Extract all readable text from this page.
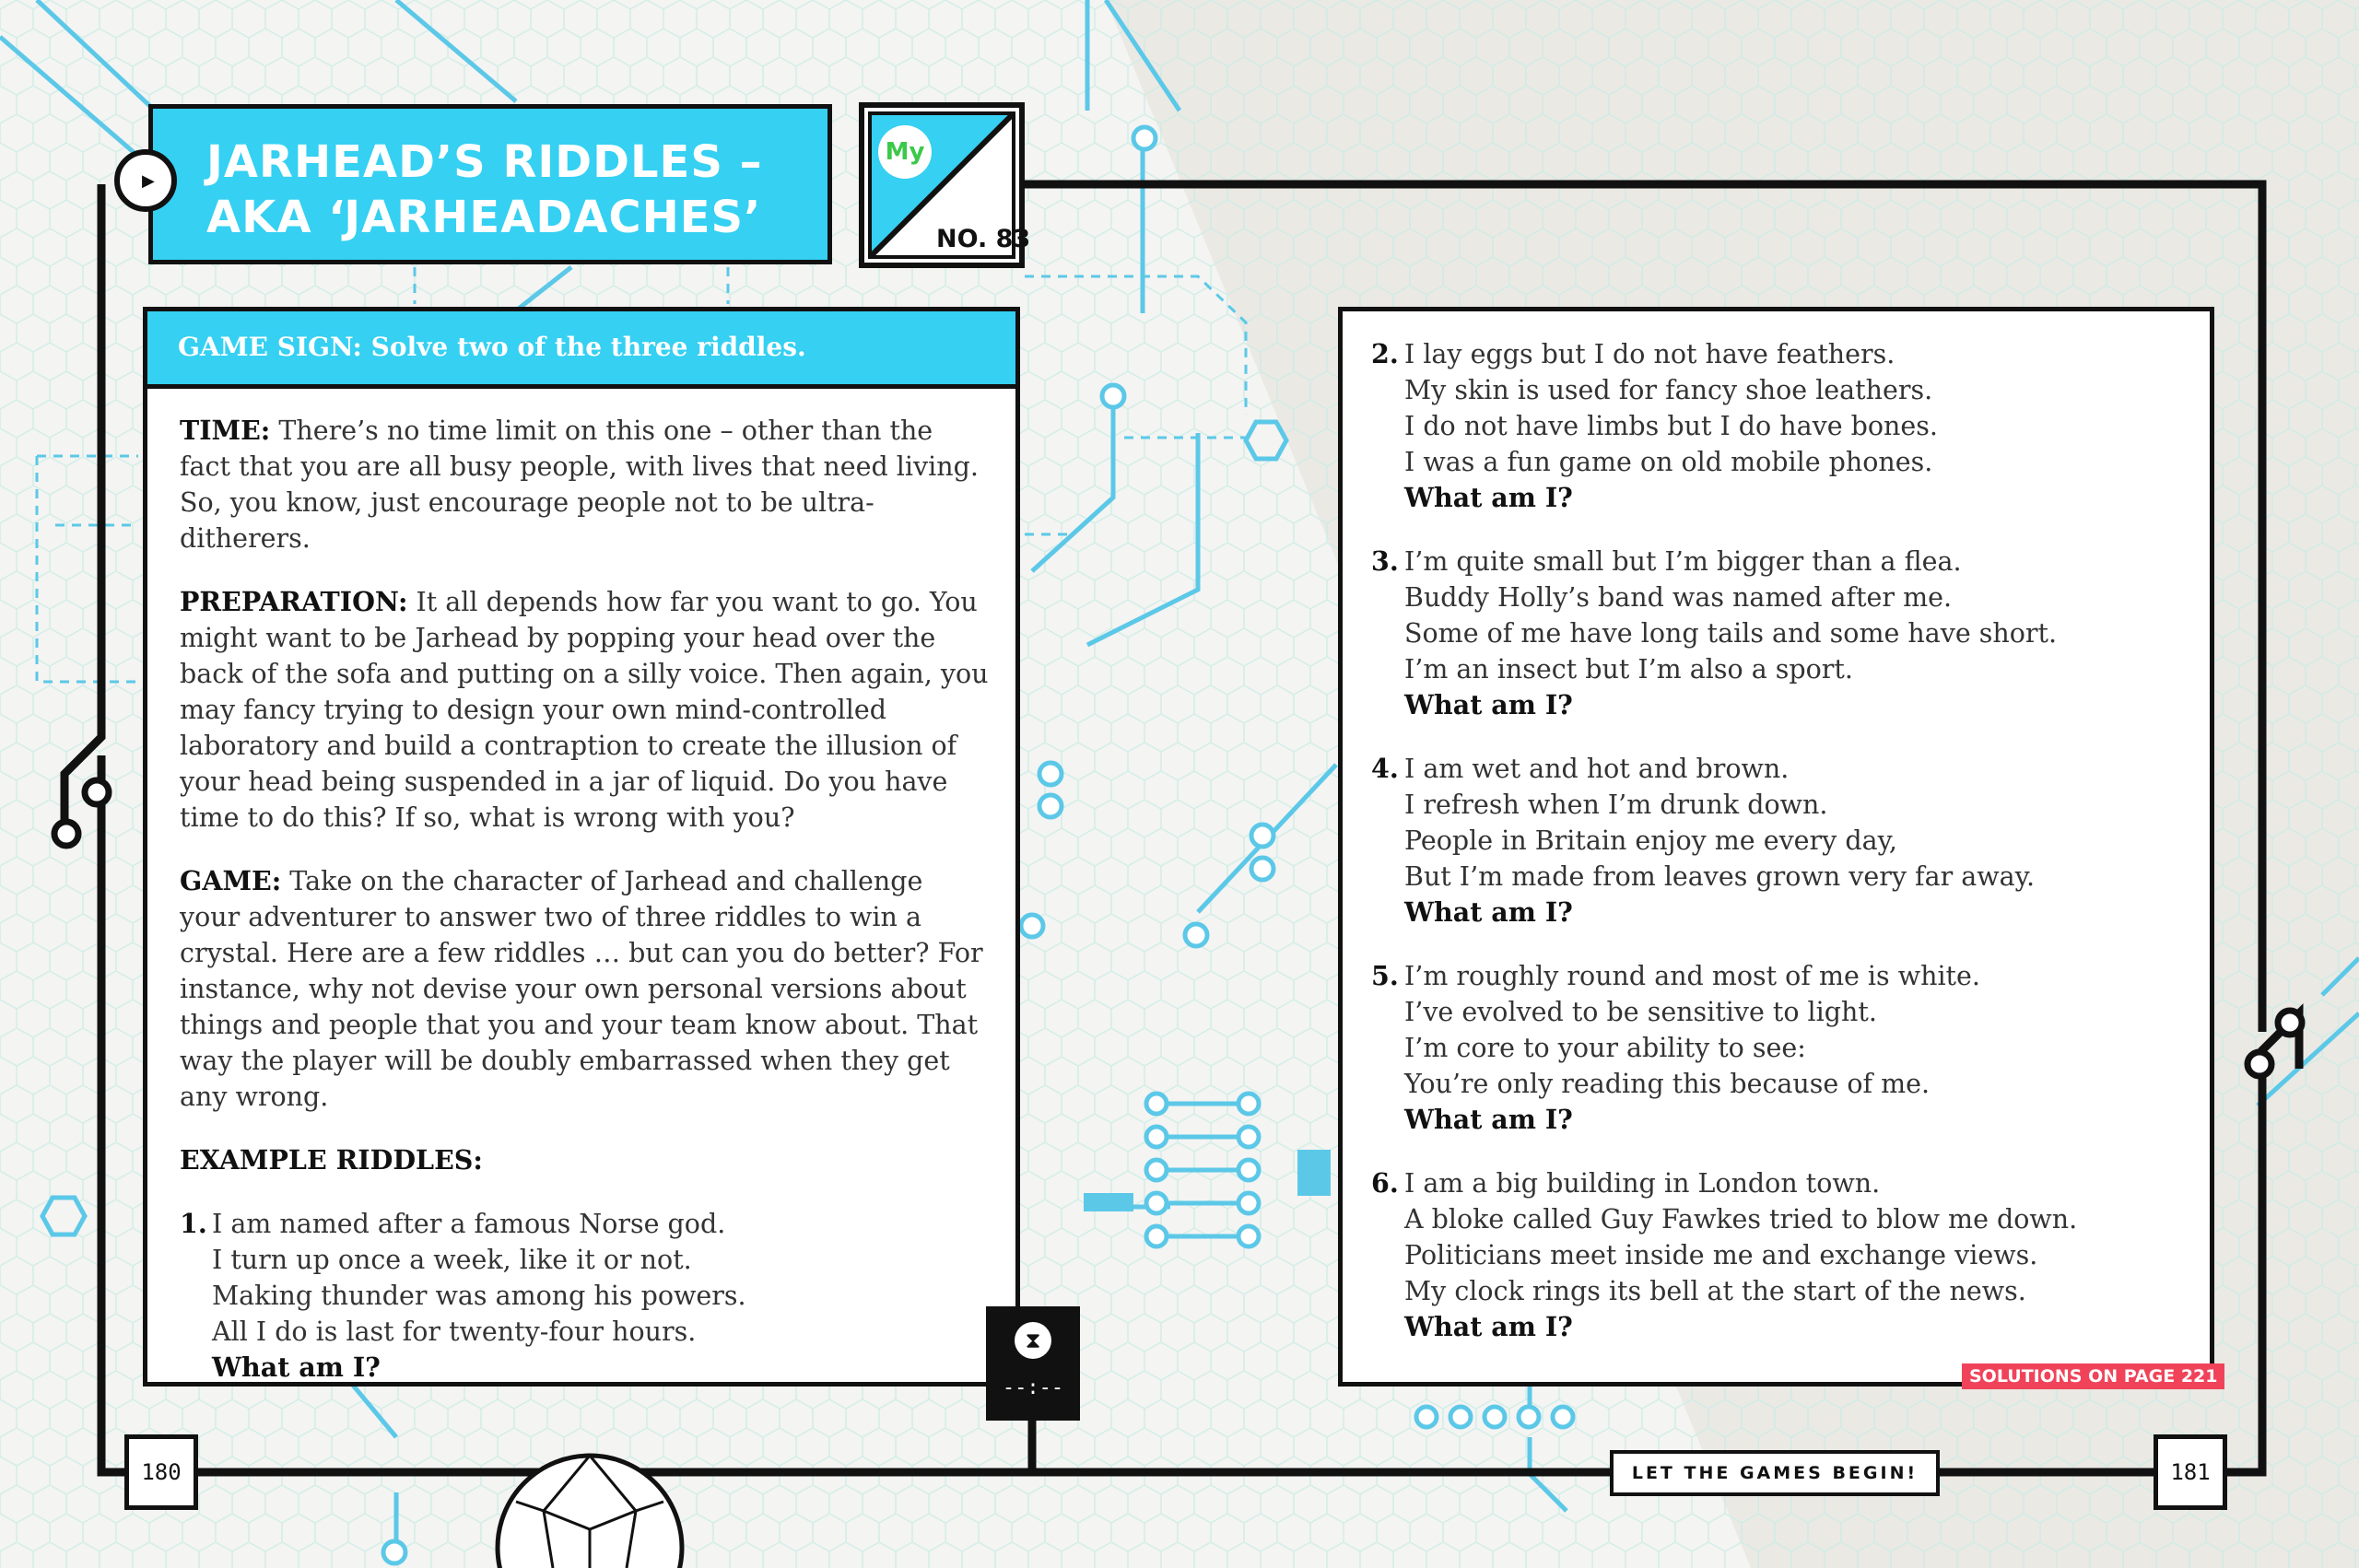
JARHEAD’S RIDDLES –
AKA ‘JARHEADACHES’
▶
My
NO. 83
GAME SIGN: Solve two of the three riddles.

TIME: There’s no time limit on this one – other than the fact that you are all busy people, with lives that need living. So, you know, just encourage people not to be ultra-ditherers.

PREPARATION: It all depends how far you want to go. You might want to be Jarhead by popping your head over the back of the sofa and putting on a silly voice. Then again, you may fancy trying to design your own mind-controlled laboratory and build a contraption to create the illusion of your head being suspended in a jar of liquid. Do you have time to do this? If so, what is wrong with you?

GAME: Take on the character of Jarhead and challenge your adventurer to answer two of three riddles to win a crystal. Here are a few riddles … but can you do better? For instance, why not devise your own personal versions about things and people that you and your team know about. That way the player will be doubly embarrassed when they get any wrong.

EXAMPLE RIDDLES:

1. I am named after a famous Norse god.
I turn up once a week, like it or not.
Making thunder was among his powers.
All I do is last for twenty-four hours.
What am I?
2. I lay eggs but I do not have feathers.
My skin is used for fancy shoe leathers.
I do not have limbs but I do have bones.
I was a fun game on old mobile phones.
What am I?
3. I’m quite small but I’m bigger than a flea.
Buddy Holly’s band was named after me.
Some of me have long tails and some have short.
I’m an insect but I’m also a sport.
What am I?
4. I am wet and hot and brown.
I refresh when I’m drunk down.
People in Britain enjoy me every day,
But I’m made from leaves grown very far away.
What am I?
5. I’m roughly round and most of me is white.
I’ve evolved to be sensitive to light.
I’m core to your ability to see:
You’re only reading this because of me.
What am I?
6. I am a big building in London town.
A bloke called Guy Fawkes tried to blow me down.
Politicians meet inside me and exchange views.
My clock rings its bell at the start of the news.
What am I?
SOLUTIONS ON PAGE 221
⧗
--:--
180	LET THE GAMES BEGIN!	181
